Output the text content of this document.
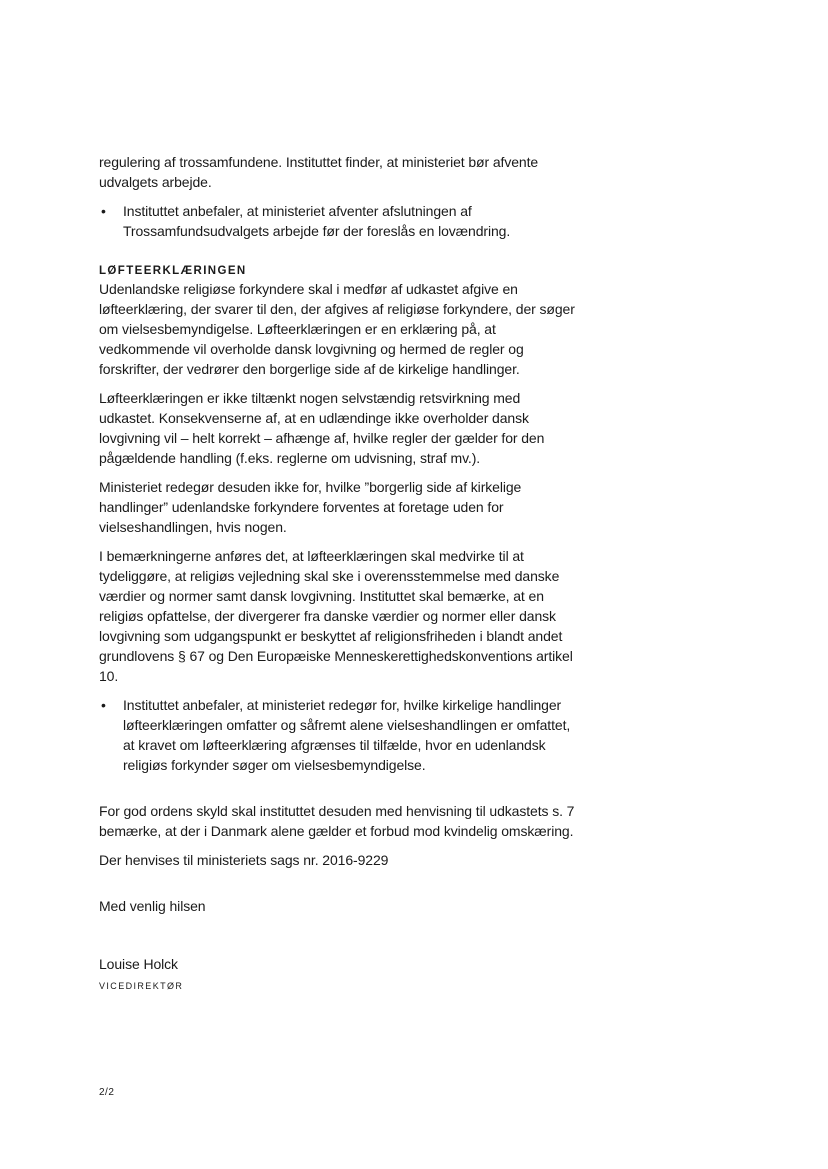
regulering af trossamfundene. Instituttet finder, at ministeriet bør afvente udvalgets arbejde.

• Instituttet anbefaler, at ministeriet afventer afslutningen af Trossamfundsudvalgets arbejde før der foreslås en lovændring.
LØFTEERKLÆRINGEN

Udenlandske religiøse forkyndere skal i medfør af udkastet afgive en løfteerklæring, der svarer til den, der afgives af religiøse forkyndere, der søger om vielsesbemyndigelse. Løfteerklæringen er en erklæring på, at vedkommende vil overholde dansk lovgivning og hermed de regler og forskrifter, der vedrører den borgerlige side af de kirkelige handlinger.

Løfteerklæringen er ikke tiltænkt nogen selvstændig retsvirkning med udkastet. Konsekvenserne af, at en udlændinge ikke overholder dansk lovgivning vil – helt korrekt – afhænge af, hvilke regler der gælder for den pågældende handling (f.eks. reglerne om udvisning, straf mv.).

Ministeriet redegør desuden ikke for, hvilke ”borgerlig side af kirkelige handlinger” udenlandske forkyndere forventes at foretage uden for vielseshandlingen, hvis nogen.

I bemærkningerne anføres det, at løfteerklæringen skal medvirke til at tydeliggøre, at religiøs vejledning skal ske i overensstemmelse med danske værdier og normer samt dansk lovgivning. Instituttet skal bemærke, at en religiøs opfattelse, der divergerer fra danske værdier og normer eller dansk lovgivning som udgangspunkt er beskyttet af religionsfriheden i blandt andet grundlovens § 67 og Den Europæiske Menneskerettighedskonventions artikel 10.

• Instituttet anbefaler, at ministeriet redegør for, hvilke kirkelige handlinger løfteerklæringen omfatter og såfremt alene vielseshandlingen er omfattet, at kravet om løfteerklæring afgrænses til tilfælde, hvor en udenlandsk religiøs forkynder søger om vielsesbemyndigelse.

For god ordens skyld skal instituttet desuden med henvisning til udkastets s. 7 bemærke, at der i Danmark alene gælder et forbud mod kvindelig omskæring.

Der henvises til ministeriets sags nr. 2016-9229

Med venlig hilsen

Louise Holck
VICEDIREKTØR
2/2
